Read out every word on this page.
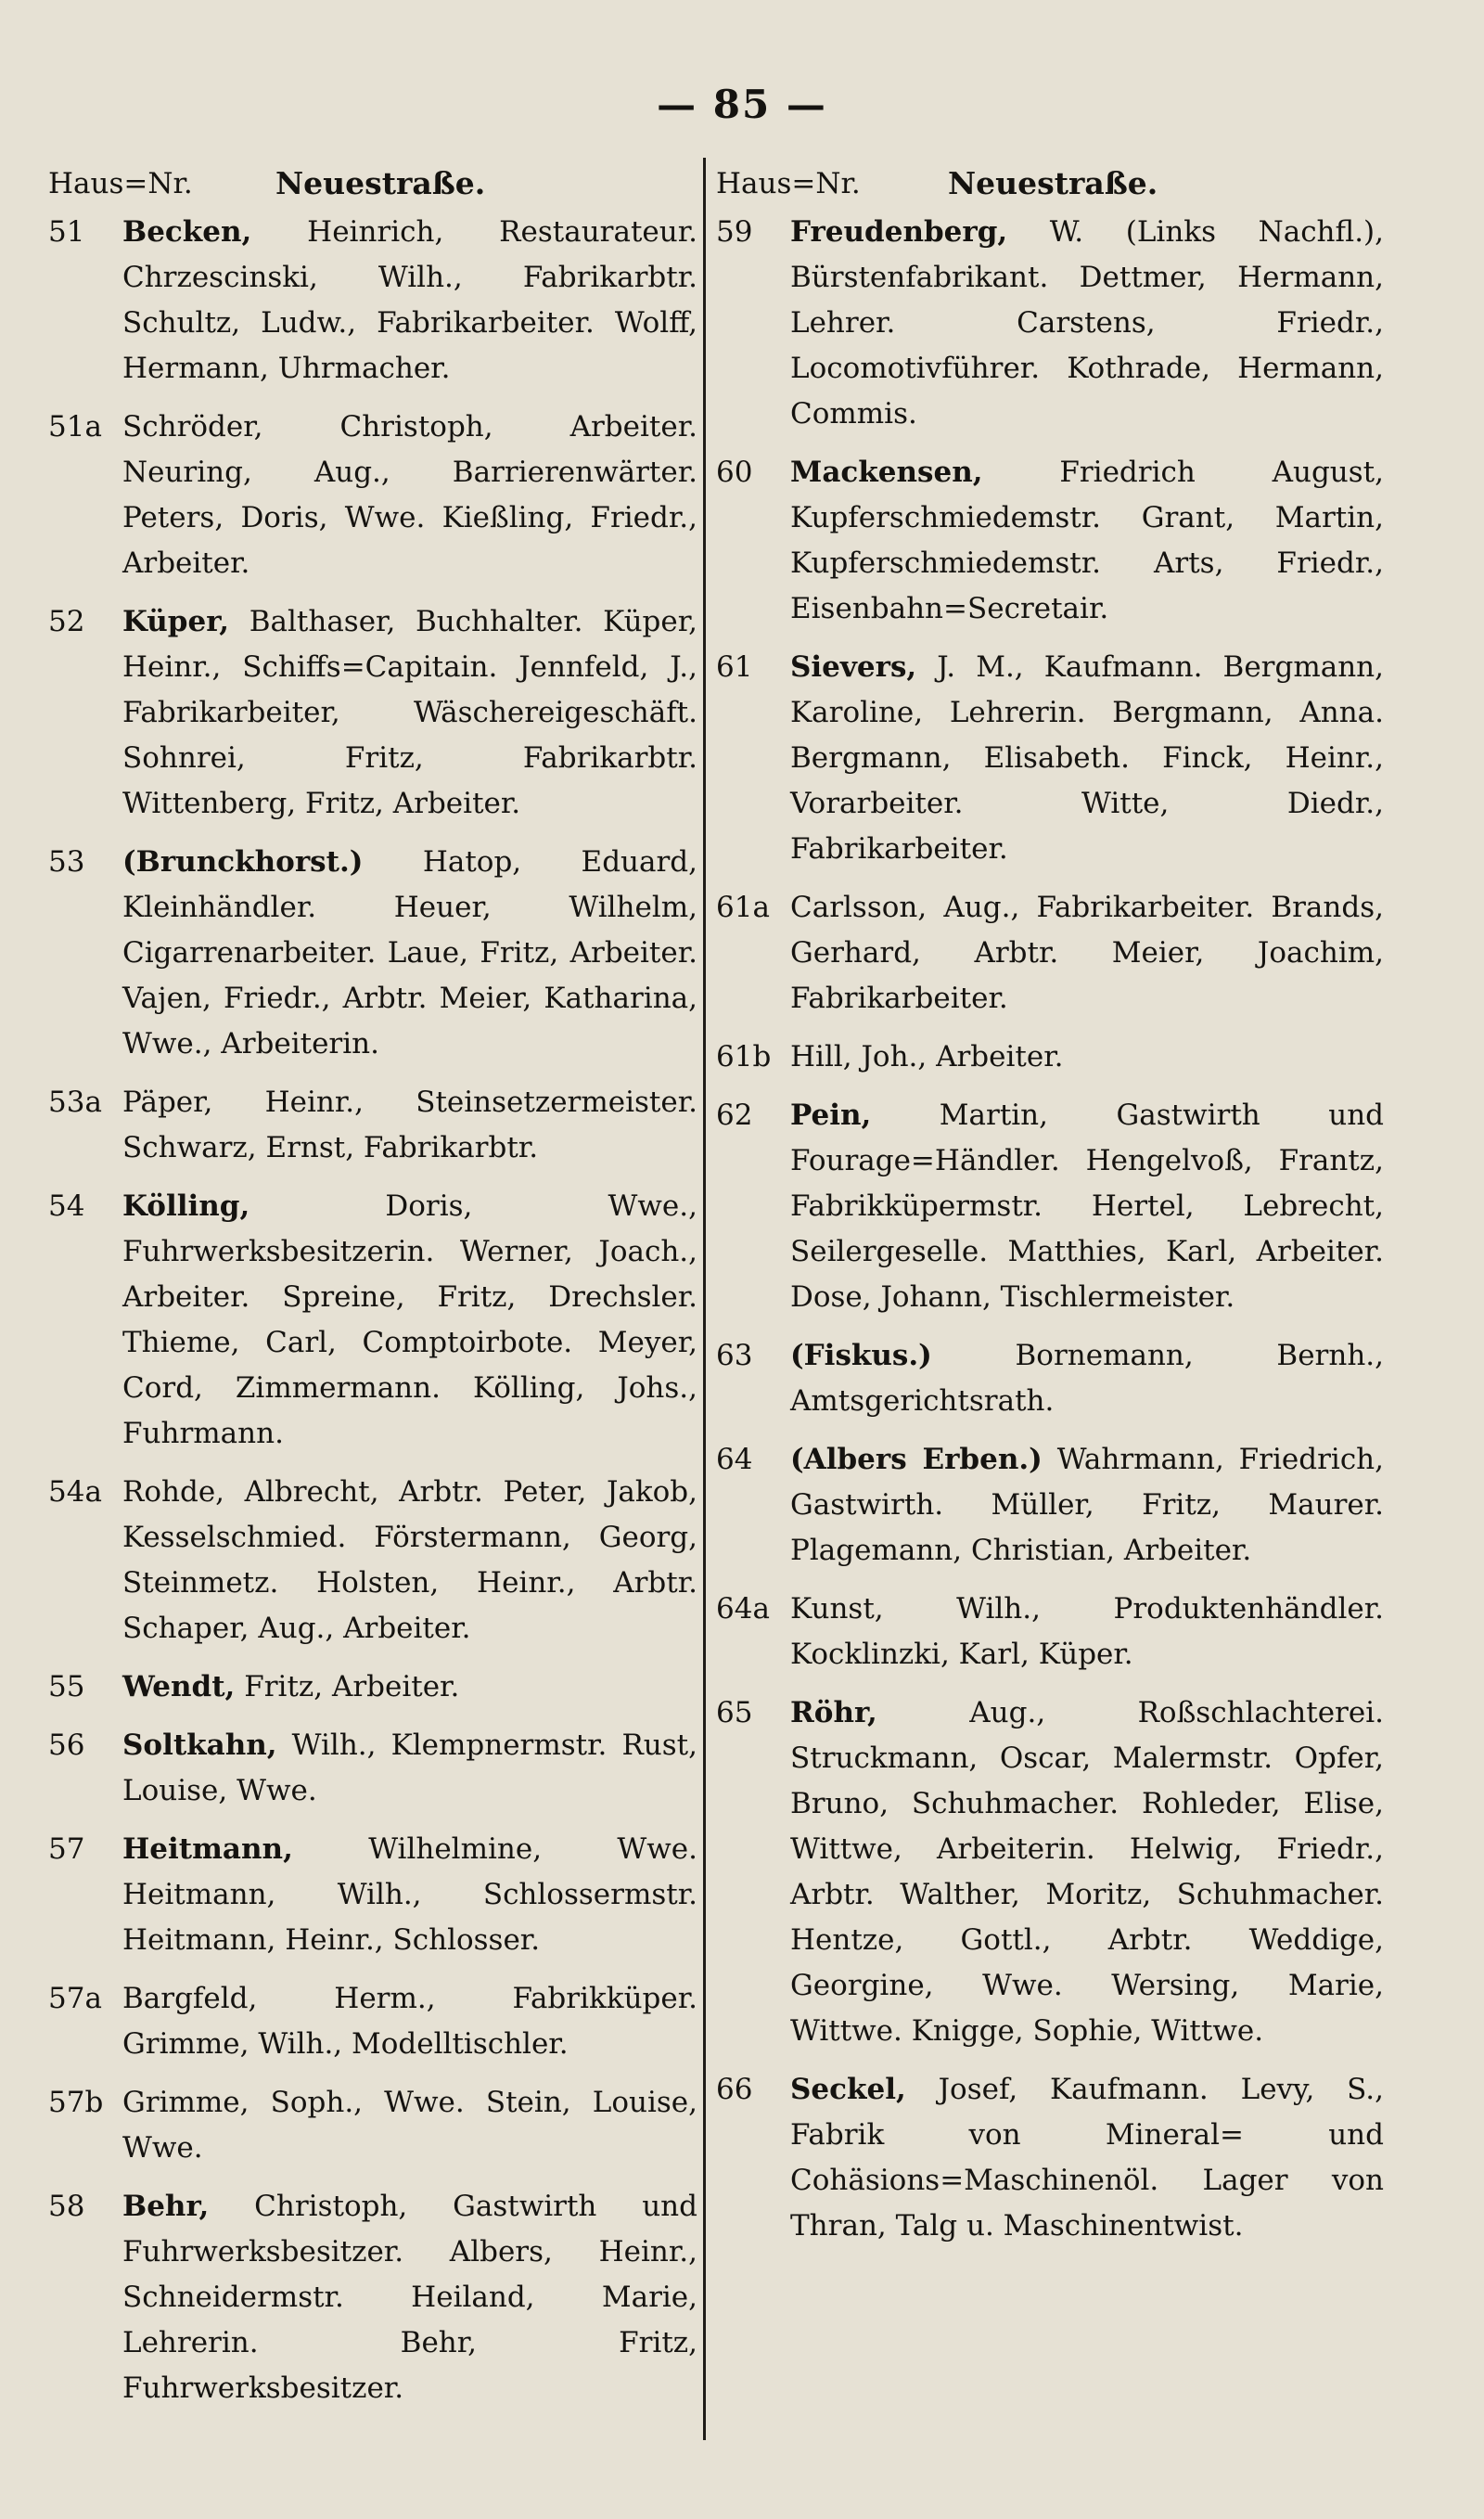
— 85 —
Haus=Nr.	Neuestraße.
51	Becken, Heinrich, Restaurateur. Chrzescinski, Wilh., Fabrikarbtr. Schultz, Ludw., Fabrikarbeiter. Wolff, Hermann, Uhrmacher.
51a Schröder, Christoph, Arbeiter. Neuring, Aug., Barrierenwärter. Peters, Doris, Wwe. Kießling, Friedr., Arbeiter.
52	Küper, Balthaser, Buchhalter. Küper, Heinr., Schiffs=Capitain. Jennfeld, J., Fabrikarbeiter, Wäschereigeschäft. Sohnrei, Fritz, Fabrikarbtr. Wittenberg, Fritz, Arbeiter.
53	(Brunckhorst.) Hatop, Eduard, Kleinhändler. Heuer, Wilhelm, Cigarrenarbeiter. Laue, Fritz, Arbeiter. Vajen, Friedr., Arbtr. Meier, Katharina, Wwe., Arbeiterin.
53a Päper, Heinr., Steinsetzermeister. Schwarz, Ernst, Fabrikarbtr.
54	Kölling, Doris, Wwe., Fuhrwerksbesitzerin. Werner, Joach., Arbeiter. Spreine, Fritz, Drechsler. Thieme, Carl, Comptoirbote. Meyer, Cord, Zimmermann. Kölling, Johs., Fuhrmann.
54a Rohde, Albrecht, Arbtr. Peter, Jakob, Kesselschmied. Förstermann, Georg, Steinmetz. Holsten, Heinr., Arbtr. Schaper, Aug., Arbeiter.
55	Wendt, Fritz, Arbeiter.
56	Soltkahn, Wilh., Klempnermstr. Rust, Louise, Wwe.
57	Heitmann, Wilhelmine, Wwe. Heitmann, Wilh., Schlossermstr. Heitmann, Heinr., Schlosser.
57a Bargfeld, Herm., Fabrikküper. Grimme, Wilh., Modelltischler.
57b Grimme, Soph., Wwe. Stein, Louise, Wwe.
58	Behr, Christoph, Gastwirth und Fuhrwerksbesitzer. Albers, Heinr., Schneidermstr. Heiland, Marie, Lehrerin. Behr, Fritz, Fuhrwerksbesitzer.
Haus=Nr.	Neuestraße.
59	Freudenberg, W. (Links Nachfl.), Bürstenfabrikant. Dettmer, Hermann, Lehrer. Carstens, Friedr., Locomotivführer. Kothrade, Hermann, Commis.
60	Mackensen, Friedrich August, Kupferschmiedemstr. Grant, Martin, Kupferschmiedemstr. Arts, Friedr., Eisenbahn=Secretair.
61	Sievers, J. M., Kaufmann. Bergmann, Karoline, Lehrerin. Bergmann, Anna. Bergmann, Elisabeth. Finck, Heinr., Vorarbeiter. Witte, Diedr., Fabrikarbeiter.
61a Carlsson, Aug., Fabrikarbeiter. Brands, Gerhard, Arbtr. Meier, Joachim, Fabrikarbeiter.
61b Hill, Joh., Arbeiter.
62	Pein, Martin, Gastwirth und Fourage=Händler. Hengelvoß, Frantz, Fabrikküpermstr. Hertel, Lebrecht, Seilergeselle. Matthies, Karl, Arbeiter. Dose, Johann, Tischlermeister.
63	(Fiskus.) Bornemann, Bernh., Amtsgerichtsrath.
64	(Albers Erben.) Wahrmann, Friedrich, Gastwirth. Müller, Fritz, Maurer. Plagemann, Christian, Arbeiter.
64a Kunst, Wilh., Produktenhändler. Kocklinzki, Karl, Küper.
65	Röhr, Aug., Roßschlachterei. Struckmann, Oscar, Malermstr. Opfer, Bruno, Schuhmacher. Rohleder, Elise, Wittwe, Arbeiterin. Helwig, Friedr., Arbtr. Walther, Moritz, Schuhmacher. Hentze, Gottl., Arbtr. Weddige, Georgine, Wwe. Wersing, Marie, Wittwe. Knigge, Sophie, Wittwe.
66	Seckel, Josef, Kaufmann. Levy, S., Fabrik von Mineral= und Cohäsions=Maschinenöl. Lager von Thran, Talg u. Maschinentwist.
